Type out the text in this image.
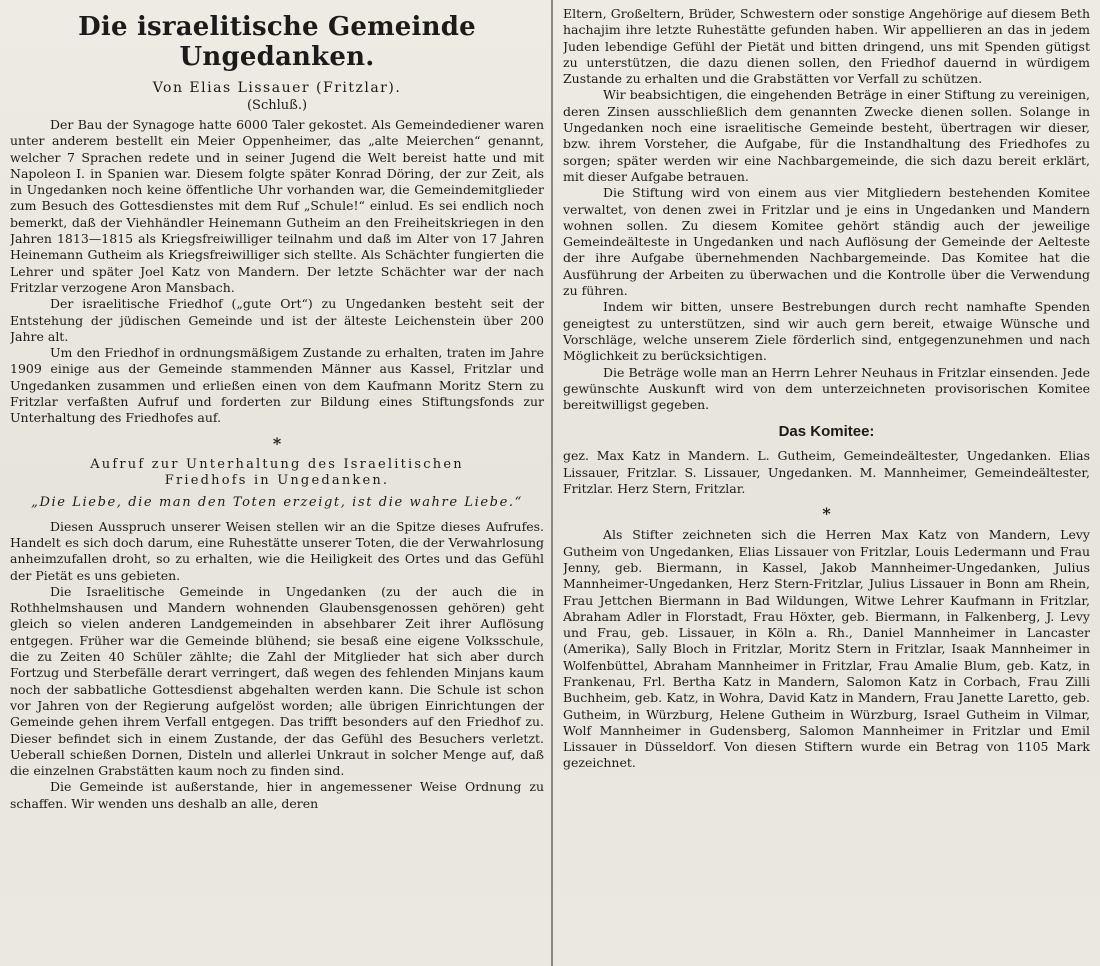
Die israelitische Gemeinde Ungedanken.
Von Elias Lissauer (Fritzlar).
(Schluß.)

Der Bau der Synagoge hatte 6000 Taler gekostet. Als Gemeindediener waren unter anderem bestellt ein Meier Oppenheimer, das „alte Meierchen“ genannt, welcher 7 Sprachen redete und in seiner Jugend die Welt bereist hatte und mit Napoleon I. in Spanien war. Diesem folgte später Konrad Döring, der zur Zeit, als in Ungedanken noch keine öffentliche Uhr vorhanden war, die Gemeindemitglieder zum Besuch des Gottesdienstes mit dem Ruf „Schule!“ einlud. Es sei endlich noch bemerkt, daß der Viehhändler Heinemann Gutheim an den Freiheitskriegen in den Jahren 1813—1815 als Kriegsfreiwilliger teilnahm und daß im Alter von 17 Jahren Heinemann Gutheim als Kriegsfreiwilliger sich stellte. Als Schächter fungierten die Lehrer und später Joel Katz von Mandern. Der letzte Schächter war der nach Fritzlar verzogene Aron Mansbach.

Der israelitische Friedhof („gute Ort“) zu Ungedanken besteht seit der Entstehung der jüdischen Gemeinde und ist der älteste Leichenstein über 200 Jahre alt.

Um den Friedhof in ordnungsmäßigem Zustande zu erhalten, traten im Jahre 1909 einige aus der Gemeinde stammenden Männer aus Kassel, Fritzlar und Ungedanken zusammen und erließen einen von dem Kaufmann Moritz Stern zu Fritzlar verfaßten Aufruf und forderten zur Bildung eines Stiftungsfonds zur Unterhaltung des Friedhofes auf.

*
Aufruf zur Unterhaltung des Israelitischen
Friedhofs in Ungedanken.
„Die Liebe, die man den Toten erzeigt, ist die wahre Liebe.“

Diesen Ausspruch unserer Weisen stellen wir an die Spitze dieses Aufrufes. Handelt es sich doch darum, eine Ruhestätte unserer Toten, die der Verwahrlosung anheimzufallen droht, so zu erhalten, wie die Heiligkeit des Ortes und das Gefühl der Pietät es uns gebieten.

Die Israelitische Gemeinde in Ungedanken (zu der auch die in Rothhelmshausen und Mandern wohnenden Glaubensgenossen gehören) geht gleich so vielen anderen Landgemeinden in absehbarer Zeit ihrer Auflösung entgegen. Früher war die Gemeinde blühend; sie besaß eine eigene Volksschule, die zu Zeiten 40 Schüler zählte; die Zahl der Mitglieder hat sich aber durch Fortzug und Sterbefälle derart verringert, daß wegen des fehlenden Minjans kaum noch der sabbatliche Gottesdienst abgehalten werden kann. Die Schule ist schon vor Jahren von der Regierung aufgelöst worden; alle übrigen Einrichtungen der Gemeinde gehen ihrem Verfall entgegen. Das trifft besonders auf den Friedhof zu. Dieser befindet sich in einem Zustande, der das Gefühl des Besuchers verletzt. Ueberall schießen Dornen, Disteln und allerlei Unkraut in solcher Menge auf, daß die einzelnen Grabstätten kaum noch zu finden sind.

Die Gemeinde ist außerstande, hier in angemessener Weise Ordnung zu schaffen. Wir wenden uns deshalb an alle, deren

Eltern, Großeltern, Brüder, Schwestern oder sonstige Angehörige auf diesem Beth hachajim ihre letzte Ruhestätte gefunden haben. Wir appellieren an das in jedem Juden lebendige Gefühl der Pietät und bitten dringend, uns mit Spenden gütigst zu unterstützen, die dazu dienen sollen, den Friedhof dauernd in würdigem Zustande zu erhalten und die Grabstätten vor Verfall zu schützen.

Wir beabsichtigen, die eingehenden Beträge in einer Stiftung zu vereinigen, deren Zinsen ausschließlich dem genannten Zwecke dienen sollen. Solange in Ungedanken noch eine israelitische Gemeinde besteht, übertragen wir dieser, bzw. ihrem Vorsteher, die Aufgabe, für die Instandhaltung des Friedhofes zu sorgen; später werden wir eine Nachbargemeinde, die sich dazu bereit erklärt, mit dieser Aufgabe betrauen.

Die Stiftung wird von einem aus vier Mitgliedern bestehenden Komitee verwaltet, von denen zwei in Fritzlar und je eins in Ungedanken und Mandern wohnen sollen. Zu diesem Komitee gehört ständig auch der jeweilige Gemeindeälteste in Ungedanken und nach Auflösung der Gemeinde der Aelteste der ihre Aufgabe übernehmenden Nachbargemeinde. Das Komitee hat die Ausführung der Arbeiten zu überwachen und die Kontrolle über die Verwendung zu führen.

Indem wir bitten, unsere Bestrebungen durch recht namhafte Spenden geneigtest zu unterstützen, sind wir auch gern bereit, etwaige Wünsche und Vorschläge, welche unserem Ziele förderlich sind, entgegenzunehmen und nach Möglichkeit zu berücksichtigen.

Die Beträge wolle man an Herrn Lehrer Neuhaus in Fritzlar einsenden. Jede gewünschte Auskunft wird von dem unterzeichneten provisorischen Komitee bereitwilligst gegeben.

Das Komitee:
gez. Max Katz in Mandern. L. Gutheim, Gemeindeältester, Ungedanken. Elias Lissauer, Fritzlar. S. Lissauer, Ungedanken. M. Mannheimer, Gemeindeältester, Fritzlar. Herz Stern, Fritzlar.
*

Als Stifter zeichneten sich die Herren Max Katz von Mandern, Levy Gutheim von Ungedanken, Elias Lissauer von Fritzlar, Louis Ledermann und Frau Jenny, geb. Biermann, in Kassel, Jakob Mannheimer-Ungedanken, Julius Mannheimer-Ungedanken, Herz Stern-Fritzlar, Julius Lissauer in Bonn am Rhein, Frau Jettchen Biermann in Bad Wildungen, Witwe Lehrer Kaufmann in Fritzlar, Abraham Adler in Florstadt, Frau Höxter, geb. Biermann, in Falkenberg, J. Levy und Frau, geb. Lissauer, in Köln a. Rh., Daniel Mannheimer in Lancaster (Amerika), Sally Bloch in Fritzlar, Moritz Stern in Fritzlar, Isaak Mannheimer in Wolfenbüttel, Abraham Mannheimer in Fritzlar, Frau Amalie Blum, geb. Katz, in Frankenau, Frl. Bertha Katz in Mandern, Salomon Katz in Corbach, Frau Zilli Buchheim, geb. Katz, in Wohra, David Katz in Mandern, Frau Janette Laretto, geb. Gutheim, in Würzburg, Helene Gutheim in Würzburg, Israel Gutheim in Vilmar, Wolf Mannheimer in Gudensberg, Salomon Mannheimer in Fritzlar und Emil Lissauer in Düsseldorf. Von diesen Stiftern wurde ein Betrag von 1105 Mark gezeichnet.
